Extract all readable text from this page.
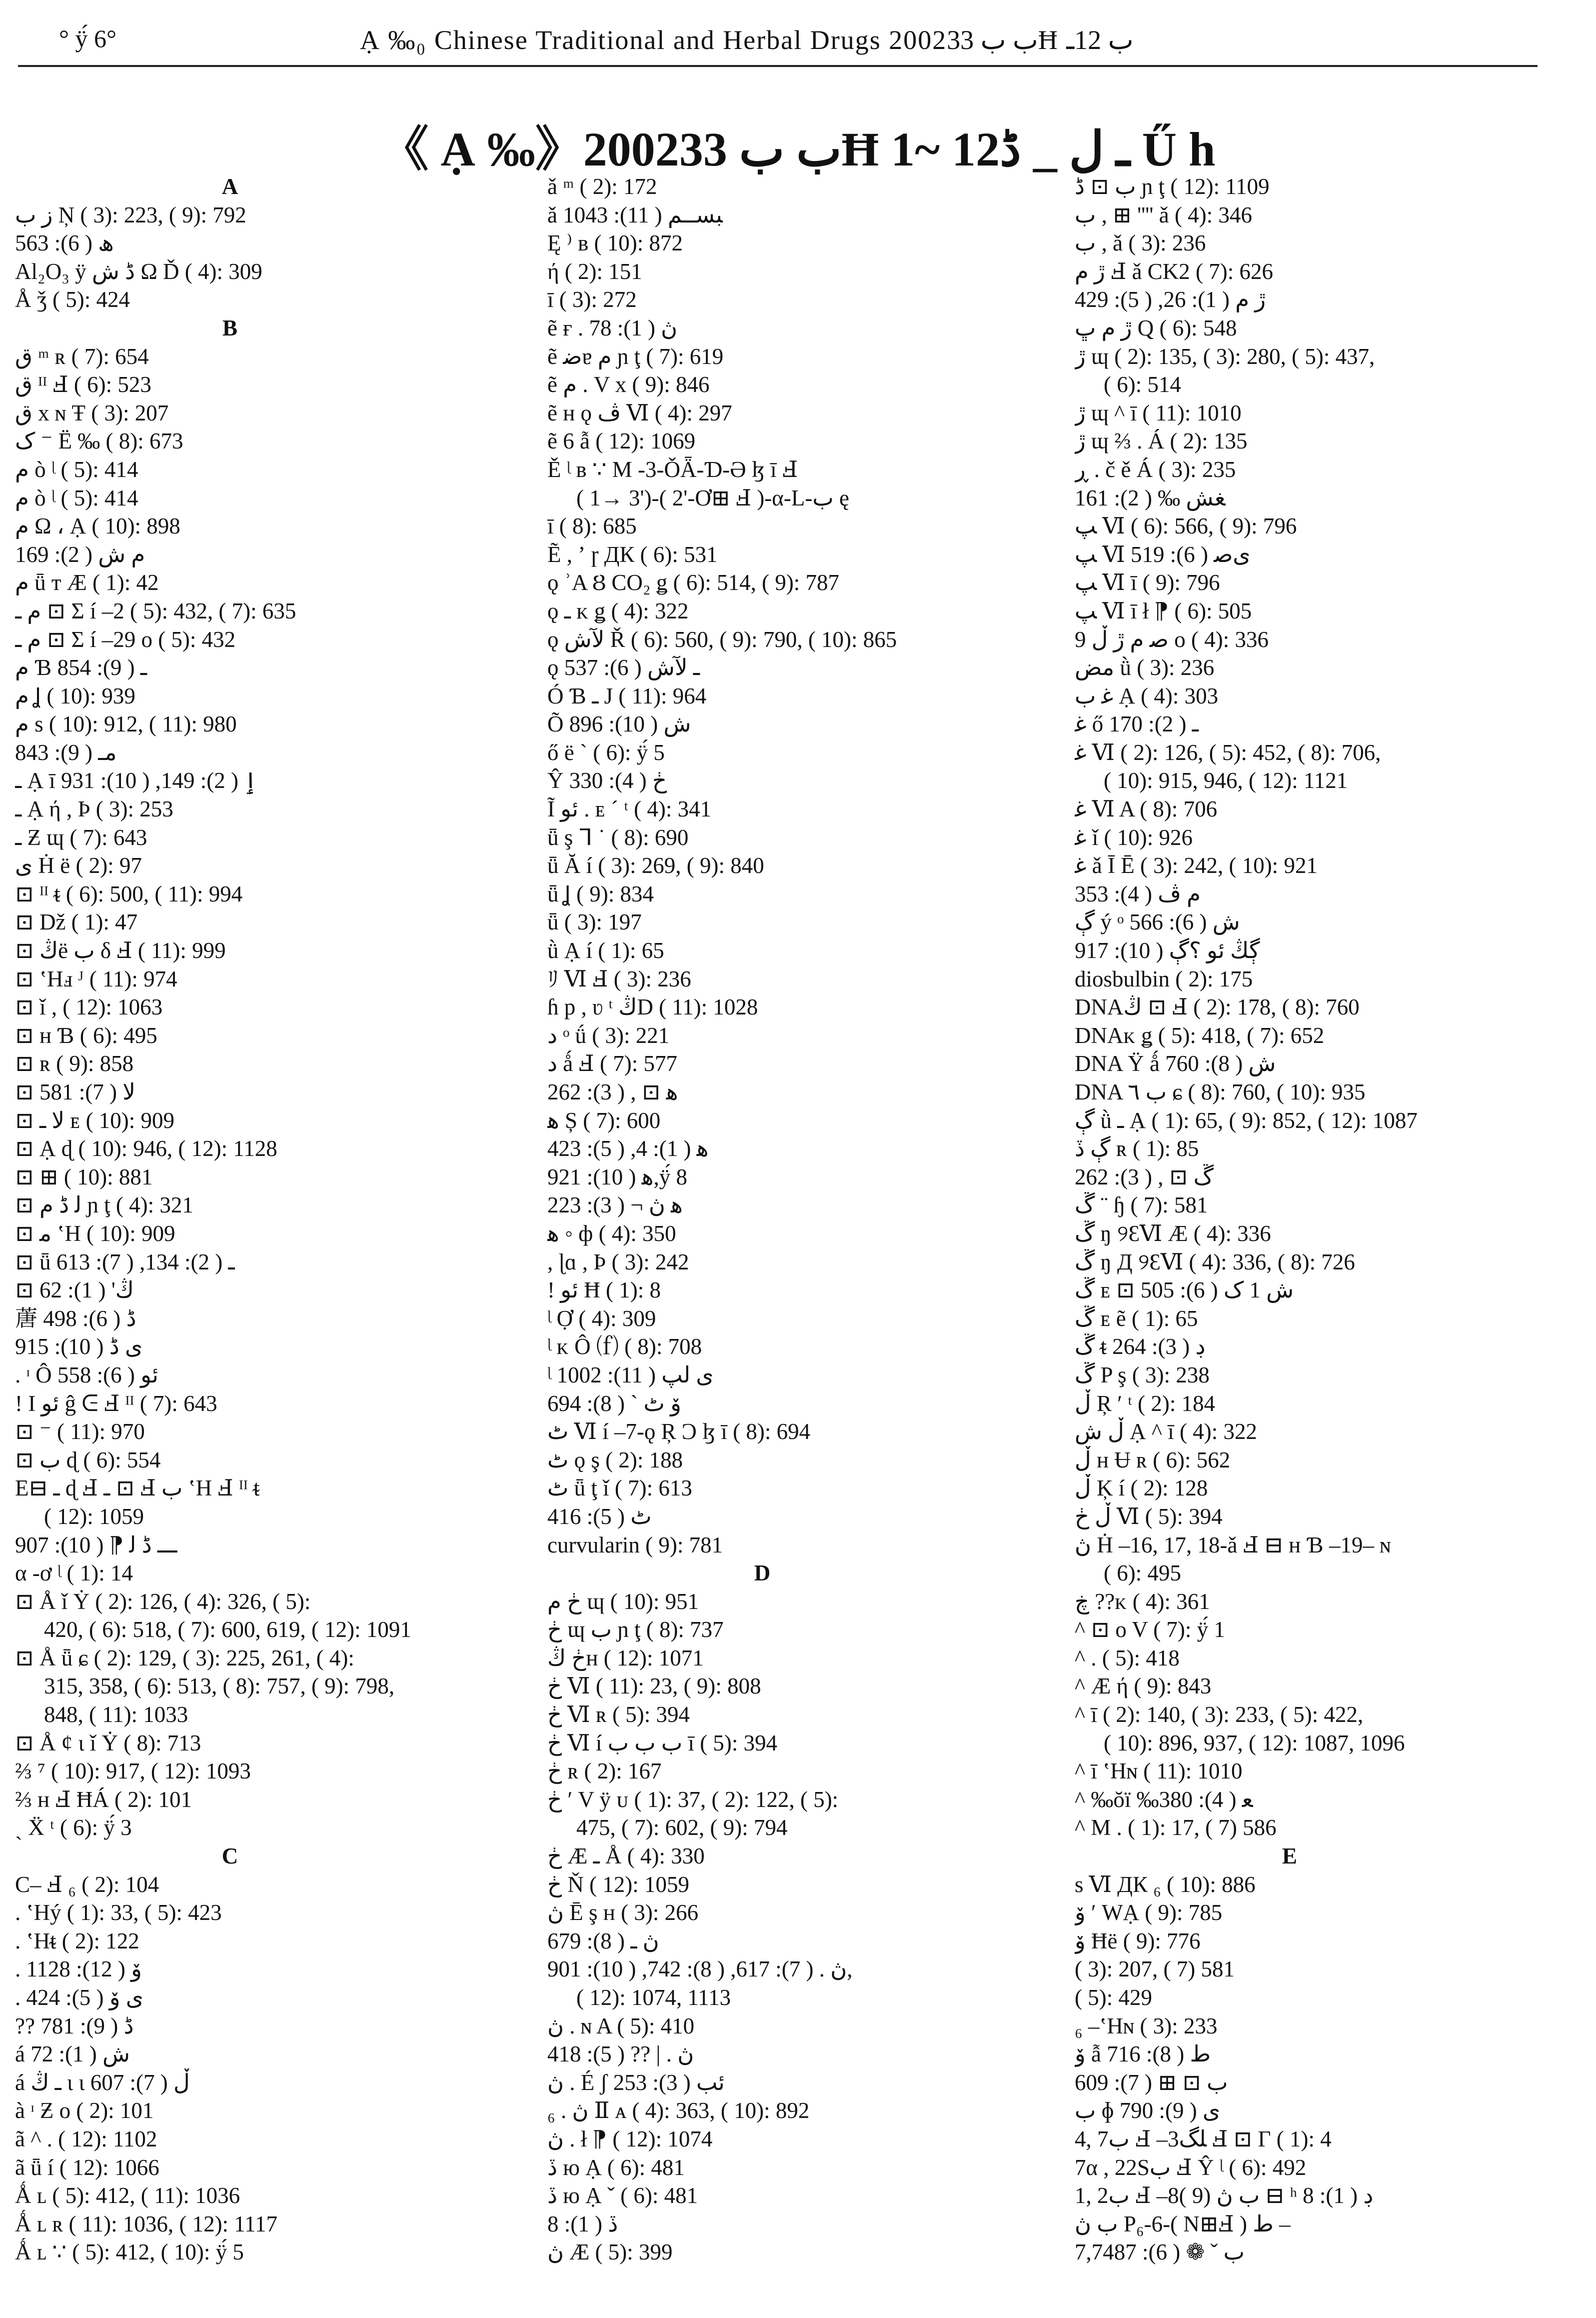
° ÿ́ 6°	Ạ ‰₀ Chinese Traditional and Herbal Drugs 2002ب ب 33Ħ ب 12ـ
《 Ạ ‰》2002ب ب 33Ħ 1~ 12ـ ل _ ڈ Ű h
A
ز ب Ņ ( 3): 223, ( 9): 792
ھ ( 6): 563
Al₂O₃ ÿ ڈ ش Ω Ď ( 4): 309
Å ǯ ( 5): 424
B
ق ᵐ ʀ ( 7): 654
ق ᴵᴵ Ⅎ ( 6): 523
ق x ɴ Ŧ ( 3): 207
ک ⁻ Ë ‰ ( 8): 673
م ò ᶩ ( 5): 414
م ò ᶩ ( 5): 414
م Ω ، Ạ ( 10): 898
م ش ( 2): 169
م ǖ ᴛ Æ ( 1): 42
م ـ ⊡ Σ í –2 ( 5): 432, ( 7): 635
م ـ ⊡ Σ í –29 ᴏ ( 5): 432
م Ɓ ـ ( 9): 854
م Ʝ ( 10): 939
م ѕ ( 10): 912, ( 11): 980
مـ ( 9): 843
ـ Ạ ī ٳ ( 2): 149, ( 10): 931
ـ Ạ ή , Þ ( 3): 253
ـ Ƶ ɰ ( 7): 643
ى Ḣ ë ( 2): 97
⊡ ᴵᴵ ᵵ ( 6): 500, ( 11): 994
⊡ Dž ( 1): 47
⊡ ڭë ب δ Ⅎ ( 11): 999
⊡ ʽHⅎ ᴶ ( 11): 974
⊡ ǐ , ( 12): 1063
⊡ ʜ Ɓ ( 6): 495
⊡ ʀ ( 9): 858
⊡ ﻻ ( 7): 581
⊡ ﻻ ـ ᴇ ( 10): 909
⊡ Ạ ɖ ( 10): 946, ( 12): 1128
⊡ ⊞ ( 10): 881
⊡ ﻟ ڈ م ɲ ţ ( 4): 321
⊡ ﻣ ʽH ( 10): 909
⊡ ǖ ـ ( 2): 134, ( 7): 613
⊡ ڭ' ( 1): 62
蓎 ڈ ( 6): 498
ى ڈ ( 10): 915
. ᶦ Ô ئو ( 6): 558
! I ئو ĝ ᕮ Ⅎ ᴵᴵ ( 7): 643
⊡ ⁻ ( 11): 970
⊡ ب ɖ ( 6): 554
E⊟ ـ ɖ Ⅎ ـ ⊡ Ⅎ ب ʽH Ⅎ ᴵᴵ ᵵ
( 12): 1059
ـــ ڈ ﻟ ⁋ ( 10): 907
α -ơ ᶩ ( 1): 14
⊡ Å ǐ Ẏ ( 2): 126, ( 4): 326, ( 5):
420, ( 6): 518, ( 7): 600, 619, ( 12): 1091
⊡ Å ǖ ɕ ( 2): 129, ( 3): 225, 261, ( 4):
315, 358, ( 6): 513, ( 8): 757, ( 9): 798,
848, ( 11): 1033
⊡ Å ȼ ɩ ǐ Ẏ ( 8): 713
⅔ ⁷ ( 10): 917, ( 12): 1093
⅔ ʜ Ⅎ ĦÁ ( 2): 101
ˎ Ẍ ᵗ ( 6): ÿ́ 3
C
C– Ⅎ ₆ ( 2): 104
. ʽHý ( 1): 33, ( 5): 423
. ʽHᵵ ( 2): 122
. ۆ ( 12): 1128
. ى ۆ ( 5): 424
?? ڈ ( 9): 781
á ش ( 1): 72
á ـ ڭ ɩ ɩ ڵ ( 7): 607
à ᶦ Ƶ ᴏ ( 2): 101
ã ^ . ( 12): 1102
ã ǖ í ( 12): 1066
Ǻ ʟ ( 5): 412, ( 11): 1036
Ǻ ʟ ʀ ( 11): 1036, ( 12): 1117
Ǻ ʟ ∵ ( 5): 412, ( 10): ÿ́ 5
ǎ ᵐ ( 2): 172
ǎ ﺒﺴــﻢ ( 11): 1043
Ę ⁾ ʙ ( 10): 872
ή ( 2): 151
ī ( 3): 272
ẽ ғ . ڽ ( 1): 78
ẽ ﺿɐ م ɲ ţ ( 7): 619
ẽ م . V x ( 9): 846
ẽ ʜ ǫ ڤ Ⅵ ( 4): 297
ẽ 6 ẫ ( 12): 1069
Ě ᶩ ʙ ∵ M -3-ǑǞ-Ɗ-Ə ɮ ī Ⅎ
( 1→ 3')-( 2'-Ơ⊞ Ⅎ )-α-L-ب ę
ī ( 8): 685
Ẽ , ʼ ɼ ДК ( 6): 531
ǫ ʾA Ȣ CO₂ ǥ ( 6): 514, ( 9): 787
ǫ ـ ᴋ ǥ ( 4): 322
ǫ ﻵش Ř ( 6): 560, ( 9): 790, ( 10): 865
ǫ ـ ﻵش ( 6): 537
Ó Ɓ ـ J ( 11): 964
Õ ش ( 10): 896
ő ë ˋ ( 6): ÿ́ 5
Ŷ ڂ ( 4): 330
Ĩ ئو . ᴇ ˊ ᵗ ( 4): 341
ǖ ş ᒣ ˙ ( 8): 690
ǖ Ă í ( 3): 269, ( 9): 840
ǖ Ʝ ( 9): 834
ǖ ( 3): 197
ǜ Ạ í ( 1): 65
ﾘ Ⅵ Ⅎ ( 3): 236
ɦ p , ʋ ᵗ ڭD ( 11): 1028
د ᵒ ǘ ( 3): 221
د ǻ Ⅎ ( 7): 577
ﻫ ⊡ , ( 3): 262
ﻫ Ș ( 7): 600
ﻫ ( 1): 4, ( 5): 423
ﻫ ( 10): 921,ÿ́ 8
ﻫ ڽ ¬ ( 3): 223
ﻫ ◦ ф ( 4): 350
, ɭɑ , Þ ( 3): 242
! ئو Ħ ( 1): 8
ᶩ Ợ ( 4): 309
ᶩ ᴋ Ô ⒡ ( 8): 708
ᶩ ى ﻟﭗ ( 11): 1002
ۆ ٹ ˋ ( 8): 694
ٹ Ⅵ í –7-ǫ Ŗ Ͻ ɮ ī ( 8): 694
ٹ ǫ ş ( 2): 188
ٹ ǖ ţ ǐ ( 7): 613
ٹ ( 5): 416
curvularin ( 9): 781
D
ڂ م ɰ ( 10): 951
ڂ ɰ ب ɲ ţ ( 8): 737
ڂ ڭʜ ( 12): 1071
ڂ Ⅵ ( 11): 23, ( 9): 808
ڂ Ⅵ ʀ ( 5): 394
ڂ Ⅵ í ب ب ب ī ( 5): 394
ڂ ʀ ( 2): 167
ڂ ʹ V ÿ ᴜ ( 1): 37, ( 2): 122, ( 5):
475, ( 7): 602, ( 9): 794
ڂ Æ ـ Å ( 4): 330
ڂ Ň ( 12): 1059
ڽ Ē ş ʜ ( 3): 266
ڽ ـ ( 8): 679
ڽ . ( 7): 617, ( 8): 742, ( 10): 901,
( 12): 1074, 1113
ڽ . ɴ A ( 5): 410
ڽ . | ?? ( 5): 418
ڽ . É ʃ ئب ( 3): 253
ڽ . ₆ Ⅱ ᴀ ( 4): 363, ( 10): 892
ڽ . ł ⁋ ( 12): 1074
ڏ ю Ạ ( 6): 481
ڏ ю Ạ ˇ ( 6): 481
ڏ ( 1): 8
ڽ Æ ( 5): 399
ب ⊡ ڈ ɲ ţ ( 12): 1109
ب , ⊞ '''' ǎ ( 4): 346
ب , ǎ ( 3): 236
ڙ م Ⅎ ǎ CK2 ( 7): 626
ڙ م ( 1): 26, ( 5): 429
ڙ م ڀ Q ( 6): 548
ڙ ɰ ( 2): 135, ( 3): 280, ( 5): 437,
( 6): 514
ڙ ɰ ^ ī ( 11): 1010
ڙ ɰ ⅔ . Á ( 2): 135
ڕ . č ě Á ( 3): 235
ﻐﺶ ‰ ( 2): 161
ﭗ Ⅵ ( 6): 566, ( 9): 796
ﭗ Ⅵ ﻯﺻ ( 6): 519
ﭗ Ⅵ ī ( 9): 796
ﭗ Ⅵ ī ł ⁋ ( 6): 505
ﺻ م ڙ ڵ 9 ᴏ ( 4): 336
ﻣﺾ ǜ ( 3): 236
ﻏ ب Ạ ( 4): 303
ﻏ ő ـ ( 2): 170
ﻏ Ⅵ ( 2): 126, ( 5): 452, ( 8): 706,
( 10): 915, 946, ( 12): 1121
ﻏ Ⅵ A ( 8): 706
ﻏ ǐ ( 10): 926
ﻏ ǎ Ī Ē ( 3): 242, ( 10): 921
م ڤ ( 4): 353
ڳ ý ᵒ ش ( 6): 566
ڳڭ ئو ؟ڳ ( 10): 917
diosbulbin ( 2): 175
DNAڭ ⊡ Ⅎ ( 2): 178, ( 8): 760
DNAᴋ ǥ ( 5): 418, ( 7): 652
DNA Ÿ ǻ ش ( 8): 760
DNA ب ٦ ɕ ( 8): 760, ( 10): 935
ڳ ǜ ـ Ạ ( 1): 65, ( 9): 852, ( 12): 1087
ڳ ڏ ʀ ( 1): 85
ڱ ⊡ , ( 3): 262
ڱ ¨ ɧ ( 7): 581
ڱ ŋ ୨ƐⅥ Æ ( 4): 336
ڱ ŋ Д ୨ƐⅥ ( 4): 336, ( 8): 726
ڱ ᴇ ⊡ ش 1 ک ( 6): 505
ڱ ᴇ ẽ ( 1): 65
ڱ ᵵ ڊ ( 3): 264
ڱ P ş ( 3): 238
ڵ Ŗ ʹ ᵗ ( 2): 184
ڵ ش Ạ ^ ī ( 4): 322
ڵ ʜ Ʉ ʀ ( 6): 562
ڵ Ķ í ( 2): 128
ڵ ڂ Ⅵ ( 5): 394
ڽ Ḣ –16, 17, 18-ǎ Ⅎ ⊟ ʜ Ɓ –19– ɴ
( 6): 495
ڿ ??ᴋ ( 4): 361
^ ⊡ ᴏ V ( 7): ÿ́ 1
^ . ( 5): 418
^ Æ ή ( 9): 843
^ ī ( 2): 140, ( 3): 233, ( 5): 422,
( 10): 896, 937, ( 12): 1087, 1096
^ ī ʽHɴ ( 11): 1010
^ ‰ŏï ‰ﻌ ( 4): 380
^ M . ( 1): 17, ( 7) 586
E
s Ⅵ ДК ₆ ( 10): 886
ۆ ʹ WẠ ( 9): 785
ۆ Ħë ( 9): 776
( 3): 207, ( 7) 581
( 5): 429
₆ –ʽHɴ ( 3): 233
ۆ ẫ ط ( 8): 716
ب ⊡ ⊞ ( 7): 609
ب ɸ ى ( 9): 790
4, 7ب Ⅎ –3ﻠﮓ Ⅎ ⊡ Γ ( 1): 4
7α , 22Sب Ⅎ Ŷ ᶩ ( 6): 492
1, 2ب Ⅎ –8( 9) ب ڽ ⊟ ʰ ڊ ( 1): 8
ب ڽ P₆-6-( N⊞Ⅎ ) ط –
7,7ب ˇ ❁ ( 6): 487
